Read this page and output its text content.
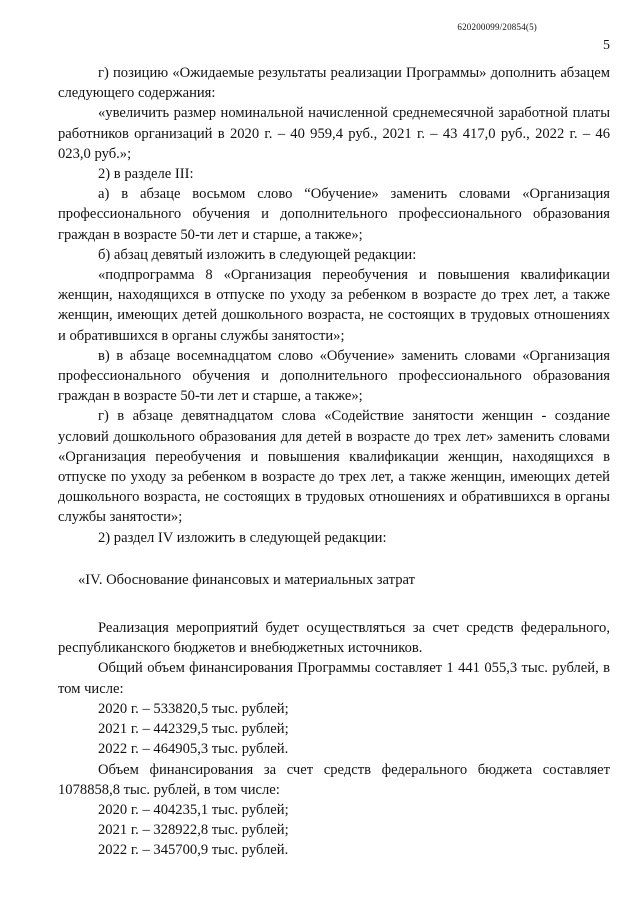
620200099/20854(5)
5

г) позицию «Ожидаемые результаты реализации Программы» дополнить абзацем следующего содержания:

«увеличить размер номинальной начисленной среднемесячной заработной платы работников организаций в 2020 г. – 40 959,4 руб., 2021 г. – 43 417,0 руб., 2022 г. – 46 023,0 руб.»;

2) в разделе III:

а) в абзаце восьмом слово “Обучение» заменить словами «Организация профессионального обучения и дополнительного профессионального образования граждан в возрасте 50-ти лет и старше, а также»;

б) абзац девятый изложить в следующей редакции:

«подпрограмма 8 «Организация переобучения и повышения квалификации женщин, находящихся в отпуске по уходу за ребенком в возрасте до трех лет, а также женщин, имеющих детей дошкольного возраста, не состоящих в трудовых отношениях и обратившихся в органы службы занятости»;

в) в абзаце восемнадцатом слово «Обучение» заменить словами «Организация профессионального обучения и дополнительного профессионального образования граждан в возрасте 50-ти лет и старше, а также»;

г) в абзаце девятнадцатом слова «Содействие занятости женщин - создание условий дошкольного образования для детей в возрасте до трех лет» заменить словами «Организация переобучения и повышения квалификации женщин, находящихся в отпуске по уходу за ребенком в возрасте до трех лет, а также женщин, имеющих детей дошкольного возраста, не состоящих в трудовых отношениях и обратившихся в органы службы занятости»;

2) раздел IV изложить в следующей редакции:

«IV. Обоснование финансовых и материальных затрат

Реализация мероприятий будет осуществляться за счет средств федерального, республиканского бюджетов и внебюджетных источников.

Общий объем финансирования Программы составляет 1 441 055,3 тыс. рублей, в том числе:

2020 г. – 533820,5 тыс. рублей;

2021 г. – 442329,5 тыс. рублей;

2022 г. – 464905,3 тыс. рублей.

Объем финансирования за счет средств федерального бюджета составляет 1078858,8 тыс. рублей, в том числе:

2020 г. – 404235,1 тыс. рублей;

2021 г. – 328922,8 тыс. рублей;

2022 г. – 345700,9 тыс. рублей.
